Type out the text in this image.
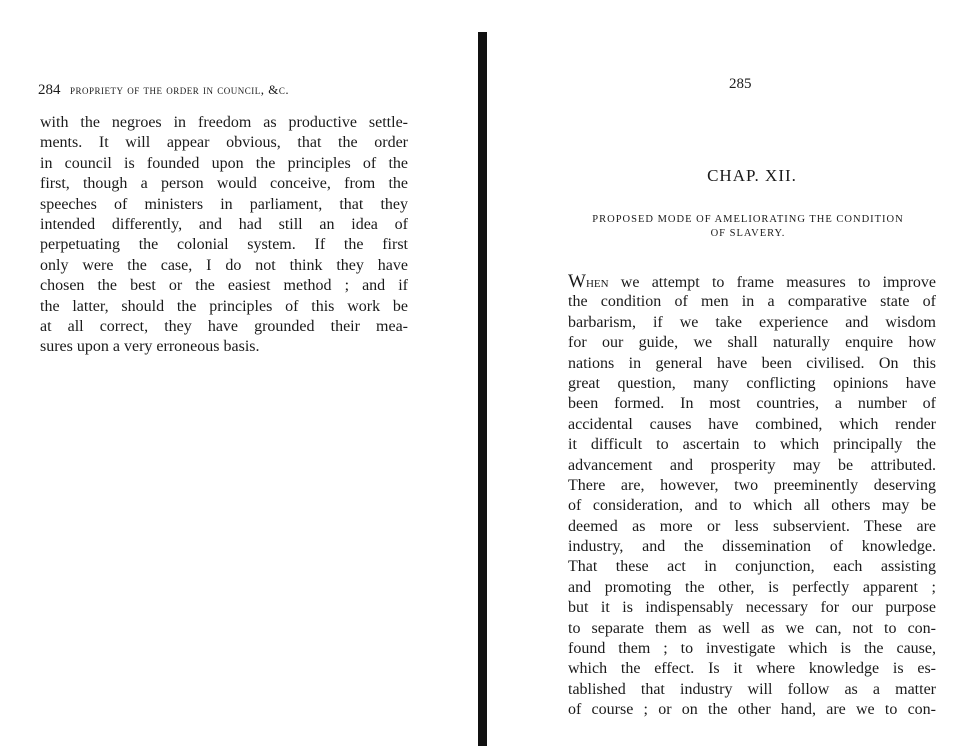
284 propriety of the order in council, &c.
with the negroes in freedom as productive settle-
ments. It will appear obvious, that the order
in council is founded upon the principles of the
first, though a person would conceive, from the
speeches of ministers in parliament, that they
intended differently, and had still an idea of
perpetuating the colonial system. If the first
only were the case, I do not think they have
chosen the best or the easiest method ; and if
the latter, should the principles of this work be
at all correct, they have grounded their mea-
sures upon a very erroneous basis.
285
CHAP. XII.
PROPOSED MODE OF AMELIORATING THE CONDITION
OF SLAVERY.
When we attempt to frame measures to improve
the condition of men in a comparative state of
barbarism, if we take experience and wisdom
for our guide, we shall naturally enquire how
nations in general have been civilised. On this
great question, many conflicting opinions have
been formed. In most countries, a number of
accidental causes have combined, which render
it difficult to ascertain to which principally the
advancement and prosperity may be attributed.
There are, however, two preeminently deserving
of consideration, and to which all others may be
deemed as more or less subservient. These are
industry, and the dissemination of knowledge.
That these act in conjunction, each assisting
and promoting the other, is perfectly apparent ;
but it is indispensably necessary for our purpose
to separate them as well as we can, not to con-
found them ; to investigate which is the cause,
which the effect. Is it where knowledge is es-
tablished that industry will follow as a matter
of course ; or on the other hand, are we to con-
